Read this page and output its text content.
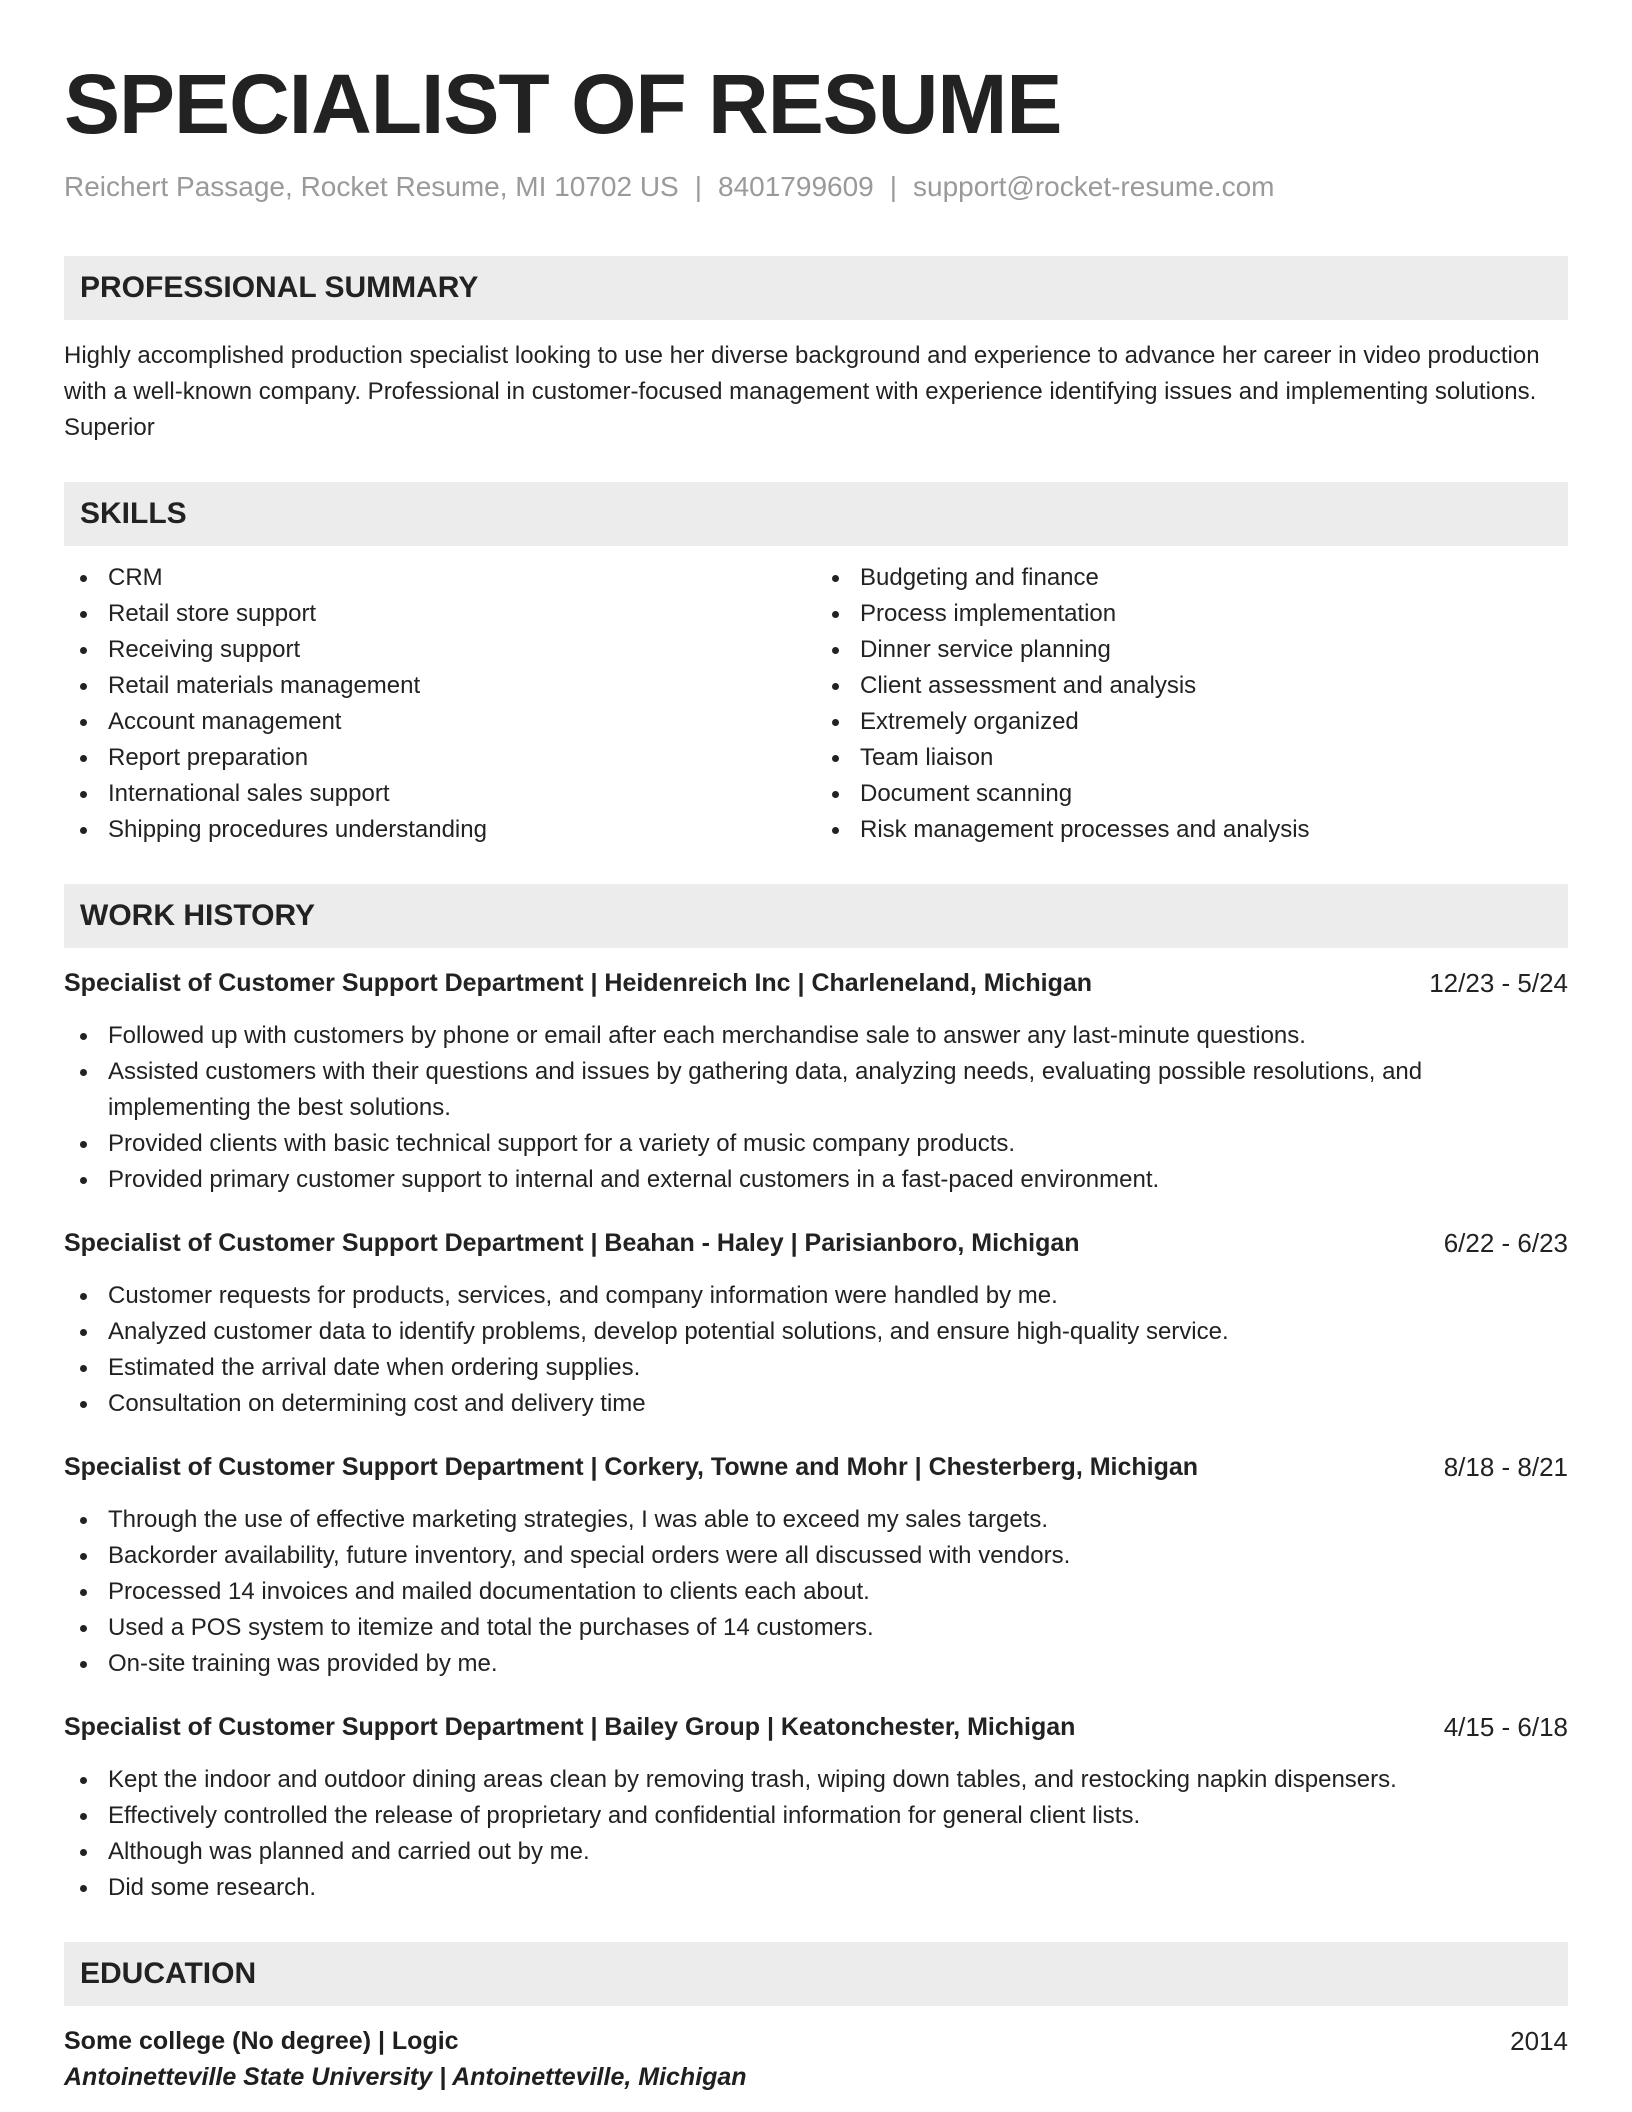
SPECIALIST OF RESUME
Reichert Passage, Rocket Resume, MI 10702 US | 8401799609 | support@rocket-resume.com
PROFESSIONAL SUMMARY
Highly accomplished production specialist looking to use her diverse background and experience to advance her career in video production with a well-known company. Professional in customer-focused management with experience identifying issues and implementing solutions. Superior
SKILLS
CRM
Retail store support
Receiving support
Retail materials management
Account management
Report preparation
International sales support
Shipping procedures understanding
Budgeting and finance
Process implementation
Dinner service planning
Client assessment and analysis
Extremely organized
Team liaison
Document scanning
Risk management processes and analysis
WORK HISTORY
Specialist of Customer Support Department | Heidenreich Inc | Charleneland, Michigan	12/23 - 5/24
Followed up with customers by phone or email after each merchandise sale to answer any last-minute questions.
Assisted customers with their questions and issues by gathering data, analyzing needs, evaluating possible resolutions, and implementing the best solutions.
Provided clients with basic technical support for a variety of music company products.
Provided primary customer support to internal and external customers in a fast-paced environment.
Specialist of Customer Support Department | Beahan - Haley | Parisianboro, Michigan	6/22 - 6/23
Customer requests for products, services, and company information were handled by me.
Analyzed customer data to identify problems, develop potential solutions, and ensure high-quality service.
Estimated the arrival date when ordering supplies.
Consultation on determining cost and delivery time
Specialist of Customer Support Department | Corkery, Towne and Mohr | Chesterberg, Michigan	8/18 - 8/21
Through the use of effective marketing strategies, I was able to exceed my sales targets.
Backorder availability, future inventory, and special orders were all discussed with vendors.
Processed 14 invoices and mailed documentation to clients each about.
Used a POS system to itemize and total the purchases of 14 customers.
On-site training was provided by me.
Specialist of Customer Support Department | Bailey Group | Keatonchester, Michigan	4/15 - 6/18
Kept the indoor and outdoor dining areas clean by removing trash, wiping down tables, and restocking napkin dispensers.
Effectively controlled the release of proprietary and confidential information for general client lists.
Although was planned and carried out by me.
Did some research.
EDUCATION
Some college (No degree) | Logic	2014
Antoinetteville State University | Antoinetteville, Michigan
